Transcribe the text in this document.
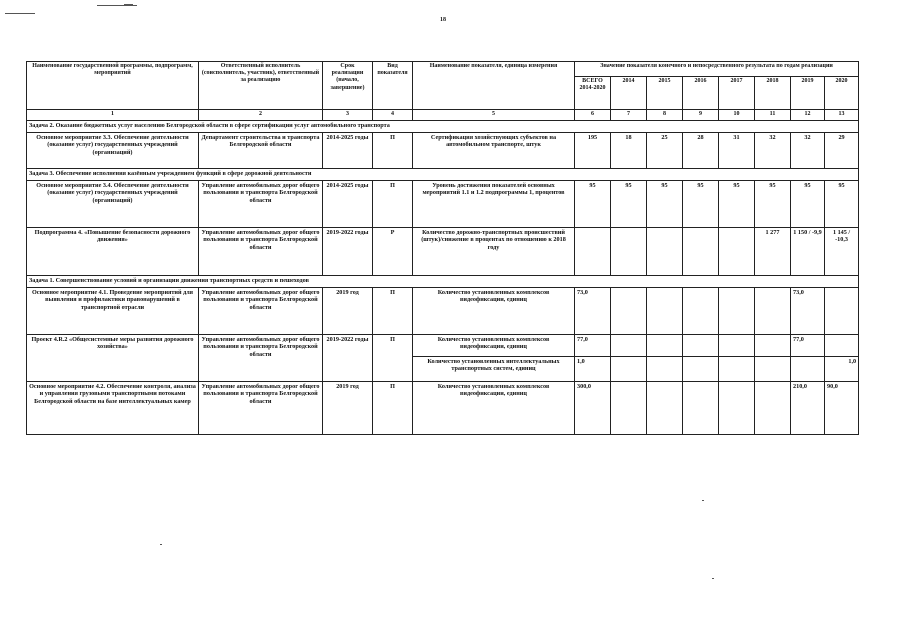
18
Наименование государственной программы, подпрограмм, мероприятий	Ответственный исполнитель (соисполнитель, участник), ответственный за реализацию	Срок реализации (начало, завершение)	Вид показателя	Наименование показателя, единица измерения	Значение показателя конечного и непосредственного результата по годам реализации							
					ВСЕГО 2014-2020	2014	2015	2016	2017	2018	2019	2020
1	2	3	4	5	6	7	8	9	10	11	12	13
Задача 2. Оказание бюджетных услуг населению Белгородской области в сфере сертификации услуг автомобильного транспорта												
Основное мероприятие 3.3. Обеспечение деятельности (оказание услуг) государственных учреждений (организаций)	Департамент строительства и транспорта Белгородской области	2014-2025 годы	П	Сертификация хозяйствующих субъектов на автомобильном транспорте, штук	195	18	25	28	31	32	32	29
Задача 3. Обеспечение исполнения казённым учреждением функций в сфере дорожной деятельности												
Основное мероприятие 3.4. Обеспечение деятельности (оказание услуг) государственных учреждений (организаций)	Управление автомобильных дорог общего пользования и транспорта Белгородской области	2014-2025 годы	П	Уровень достижения показателей основных мероприятий 1.1 и 1.2 подпрограммы 1, процентов	95	95	95	95	95	95	95	95
Подпрограмма 4. «Повышение безопасности дорожного движения»	Управление автомобильных дорог общего пользования и транспорта Белгородской области	2019-2022 годы	Р	Количество дорожно-транспортных происшествий (штук)/снижение в процентах по отношению к 2018 году						1 277	1 150 / -9,9	1 145 / -10,3
Задача 1. Совершенствование условий и организации движения транспортных средств и пешеходов												
Основное мероприятие 4.1. Проведение мероприятий для выявления и профилактики правонарушений в транспортной отрасли	Управление автомобильных дорог общего пользования и транспорта Белгородской области	2019 год	П	Количество установленных комплексов видеофиксации, единиц	73,0						73,0	
Проект 4.R.2 «Общесистемные меры развития дорожного хозяйства»	Управление автомобильных дорог общего пользования и транспорта Белгородской области	2019-2022 годы	П	Количество установленных комплексов видеофиксации, единиц	77,0						77,0	
				Количество установленных интеллектуальных транспортных систем, единиц	1,0							1,0
Основное мероприятие 4.2. Обеспечение контроля, анализа и управления грузовыми транспортными потоками Белгородской области на базе интеллектуальных камер	Управление автомобильных дорог общего пользования и транспорта Белгородской области	2019 год	П	Количество установленных комплексов видеофиксации, единиц	300,0						210,0	90,0
